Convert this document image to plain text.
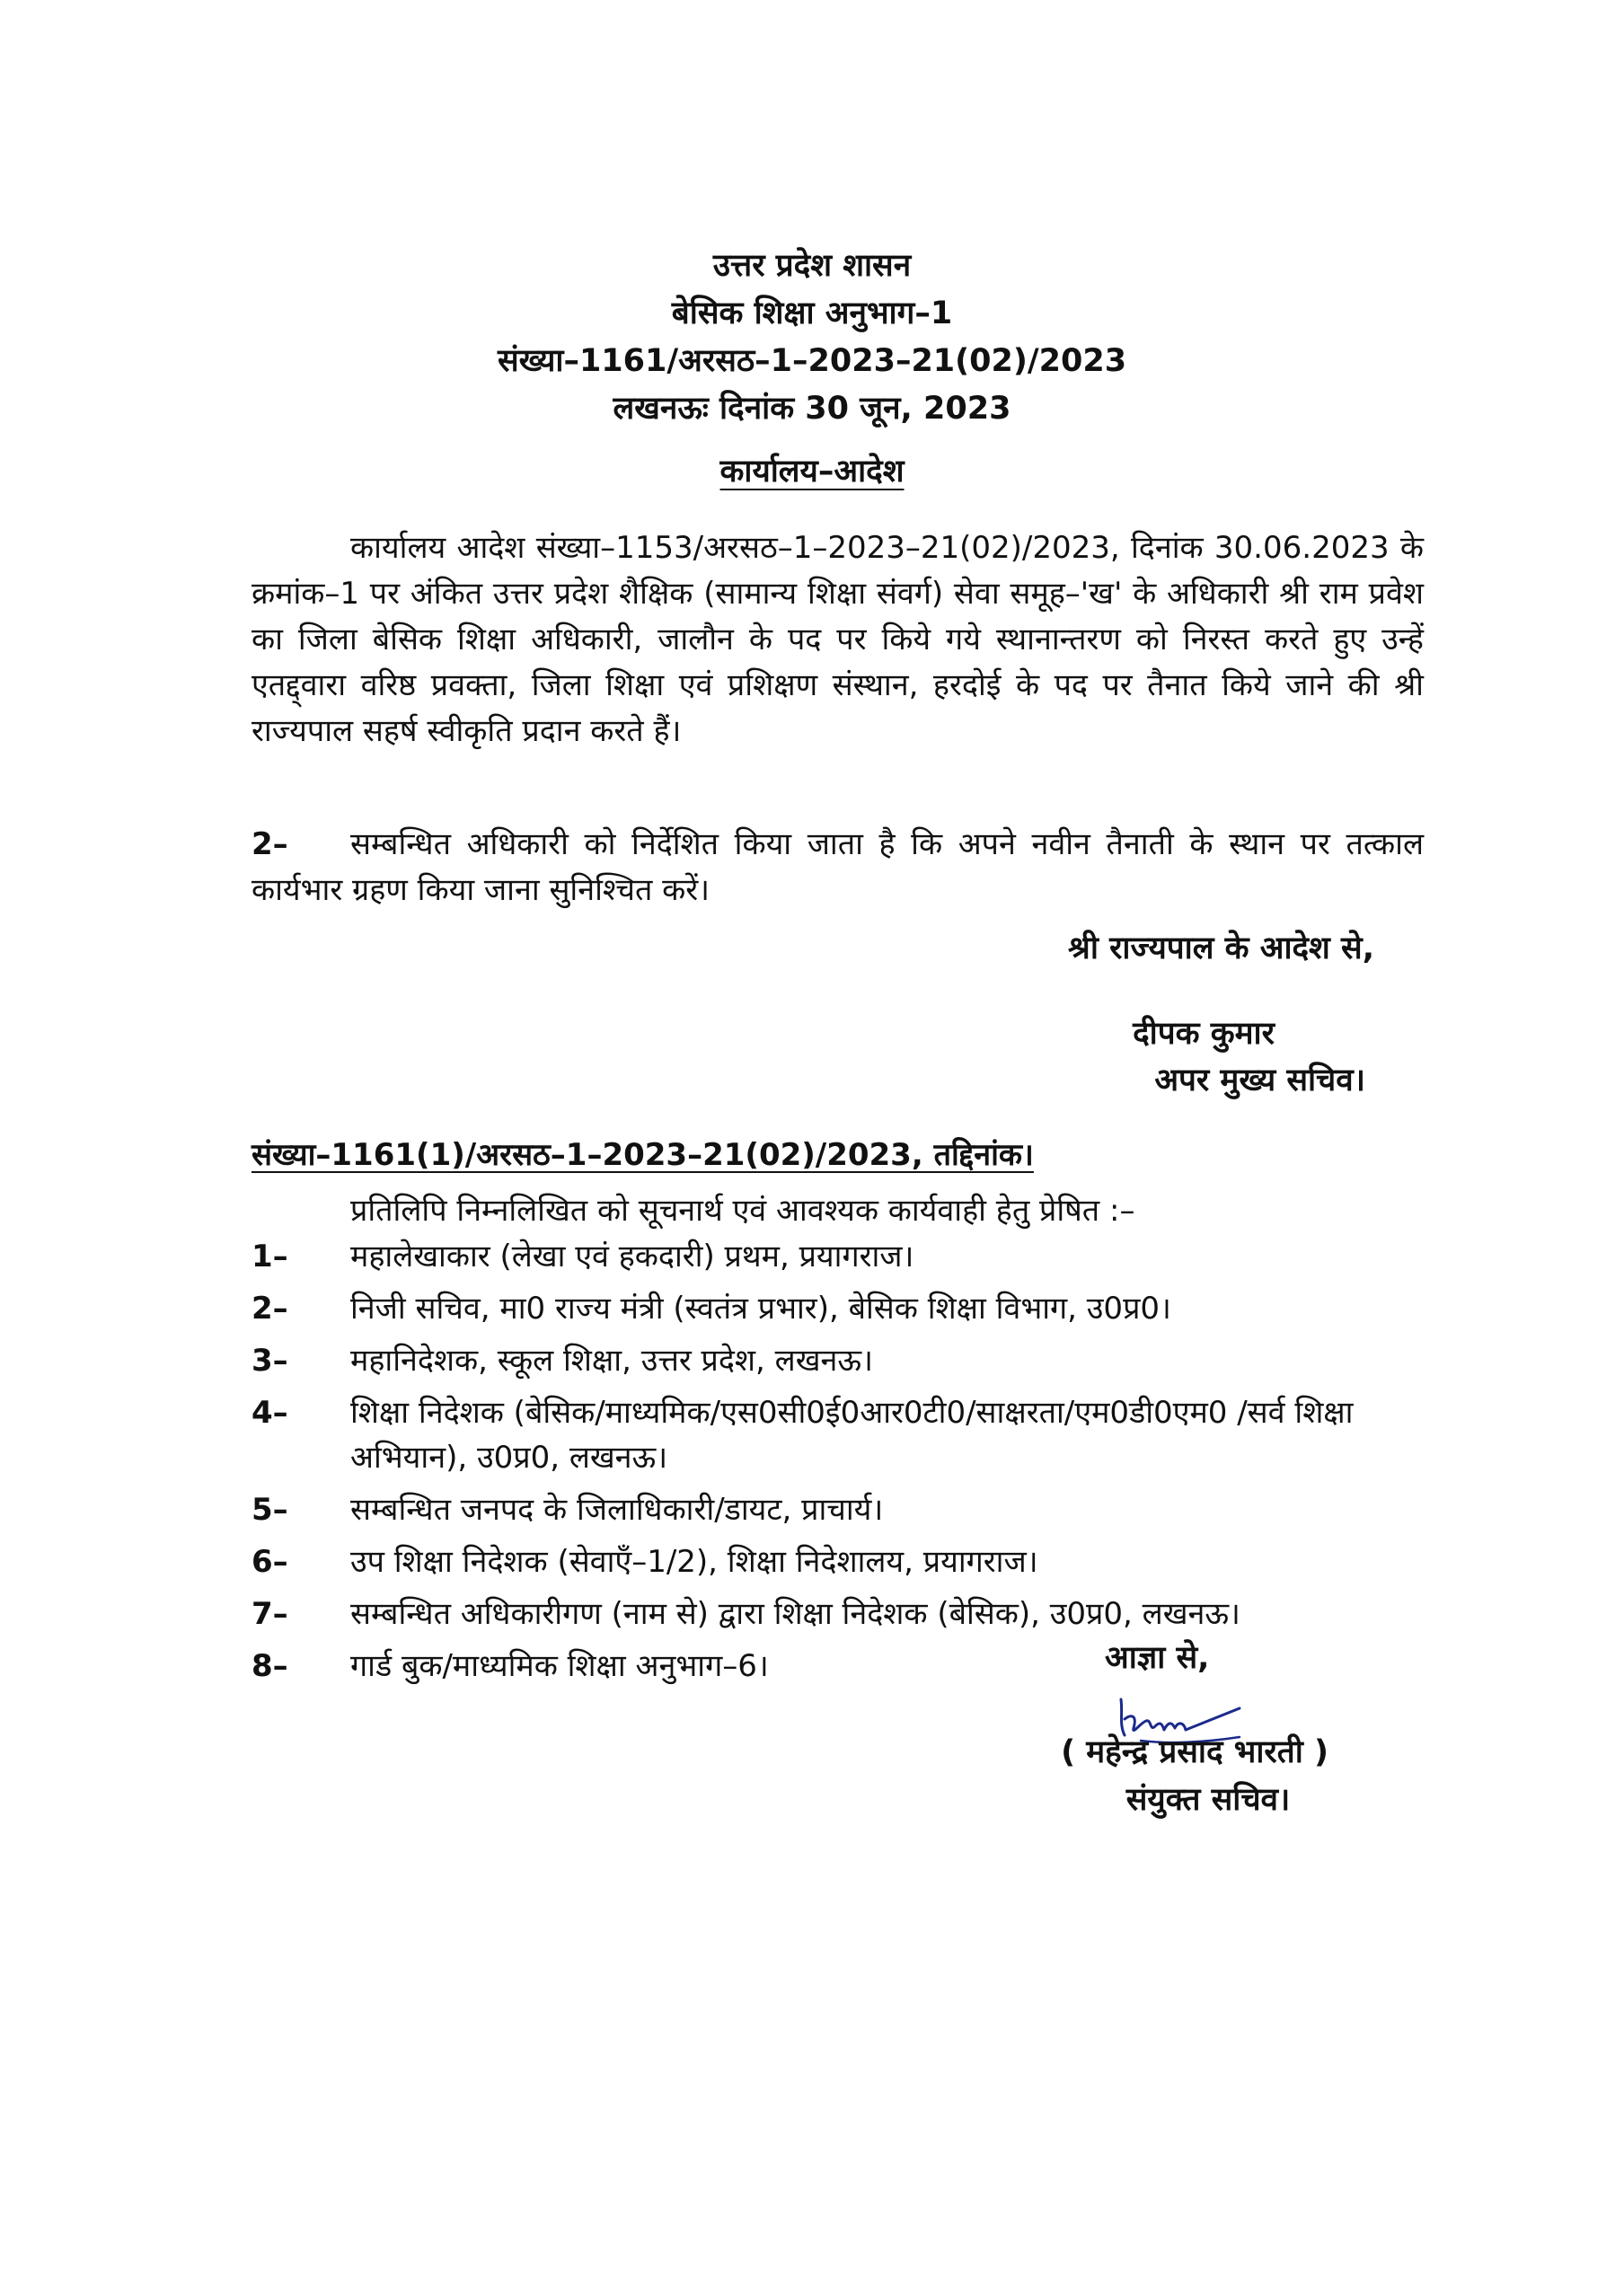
उत्तर प्रदेश शासन
बेसिक शिक्षा अनुभाग–1
संख्या–1161/अरसठ–1–2023–21(02)/2023
लखनऊः दिनांक 30 जून, 2023
कार्यालय–आदेश
कार्यालय आदेश संख्या–1153/अरसठ–1–2023–21(02)/2023, दिनांक 30.06.2023 के क्रमांक–1 पर अंकित उत्तर प्रदेश शैक्षिक (सामान्य शिक्षा संवर्ग) सेवा समूह–'ख' के अधिकारी श्री राम प्रवेश का जिला बेसिक शिक्षा अधिकारी, जालौन के पद पर किये गये स्थानान्तरण को निरस्त करते हुए उन्हें एतद्द्वारा वरिष्ठ प्रवक्ता, जिला शिक्षा एवं प्रशिक्षण संस्थान, हरदोई के पद पर तैनात किये जाने की श्री राज्यपाल सहर्ष स्वीकृति प्रदान करते हैं।
2– सम्बन्धित अधिकारी को निर्देशित किया जाता है कि अपने नवीन तैनाती के स्थान पर तत्काल कार्यभार ग्रहण किया जाना सुनिश्चित करें।
श्री राज्यपाल के आदेश से,
दीपक कुमार
अपर मुख्य सचिव।
संख्या–1161(1)/अरसठ–1–2023–21(02)/2023, तद्दिनांक।
प्रतिलिपि निम्नलिखित को सूचनार्थ एवं आवश्यक कार्यवाही हेतु प्रेषित :–
1–	महालेखाकार (लेखा एवं हकदारी) प्रथम, प्रयागराज।
2–	निजी सचिव, मा0 राज्य मंत्री (स्वतंत्र प्रभार), बेसिक शिक्षा विभाग, उ0प्र0।
3–	महानिदेशक, स्कूल शिक्षा, उत्तर प्रदेश, लखनऊ।
4–	शिक्षा निदेशक (बेसिक/माध्यमिक/एस0सी0ई0आर0टी0/साक्षरता/एम0डी0एम0 /सर्व शिक्षा अभियान), उ0प्र0, लखनऊ।
5–	सम्बन्धित जनपद के जिलाधिकारी/डायट, प्राचार्य।
6–	उप शिक्षा निदेशक (सेवाएँ–1/2), शिक्षा निदेशालय, प्रयागराज।
7–	सम्बन्धित अधिकारीगण (नाम से) द्वारा शिक्षा निदेशक (बेसिक), उ0प्र0, लखनऊ।
8–	गार्ड बुक/माध्यमिक शिक्षा अनुभाग–6।	आज्ञा से,
( महेन्द्र प्रसाद भारती )
संयुक्त सचिव।
